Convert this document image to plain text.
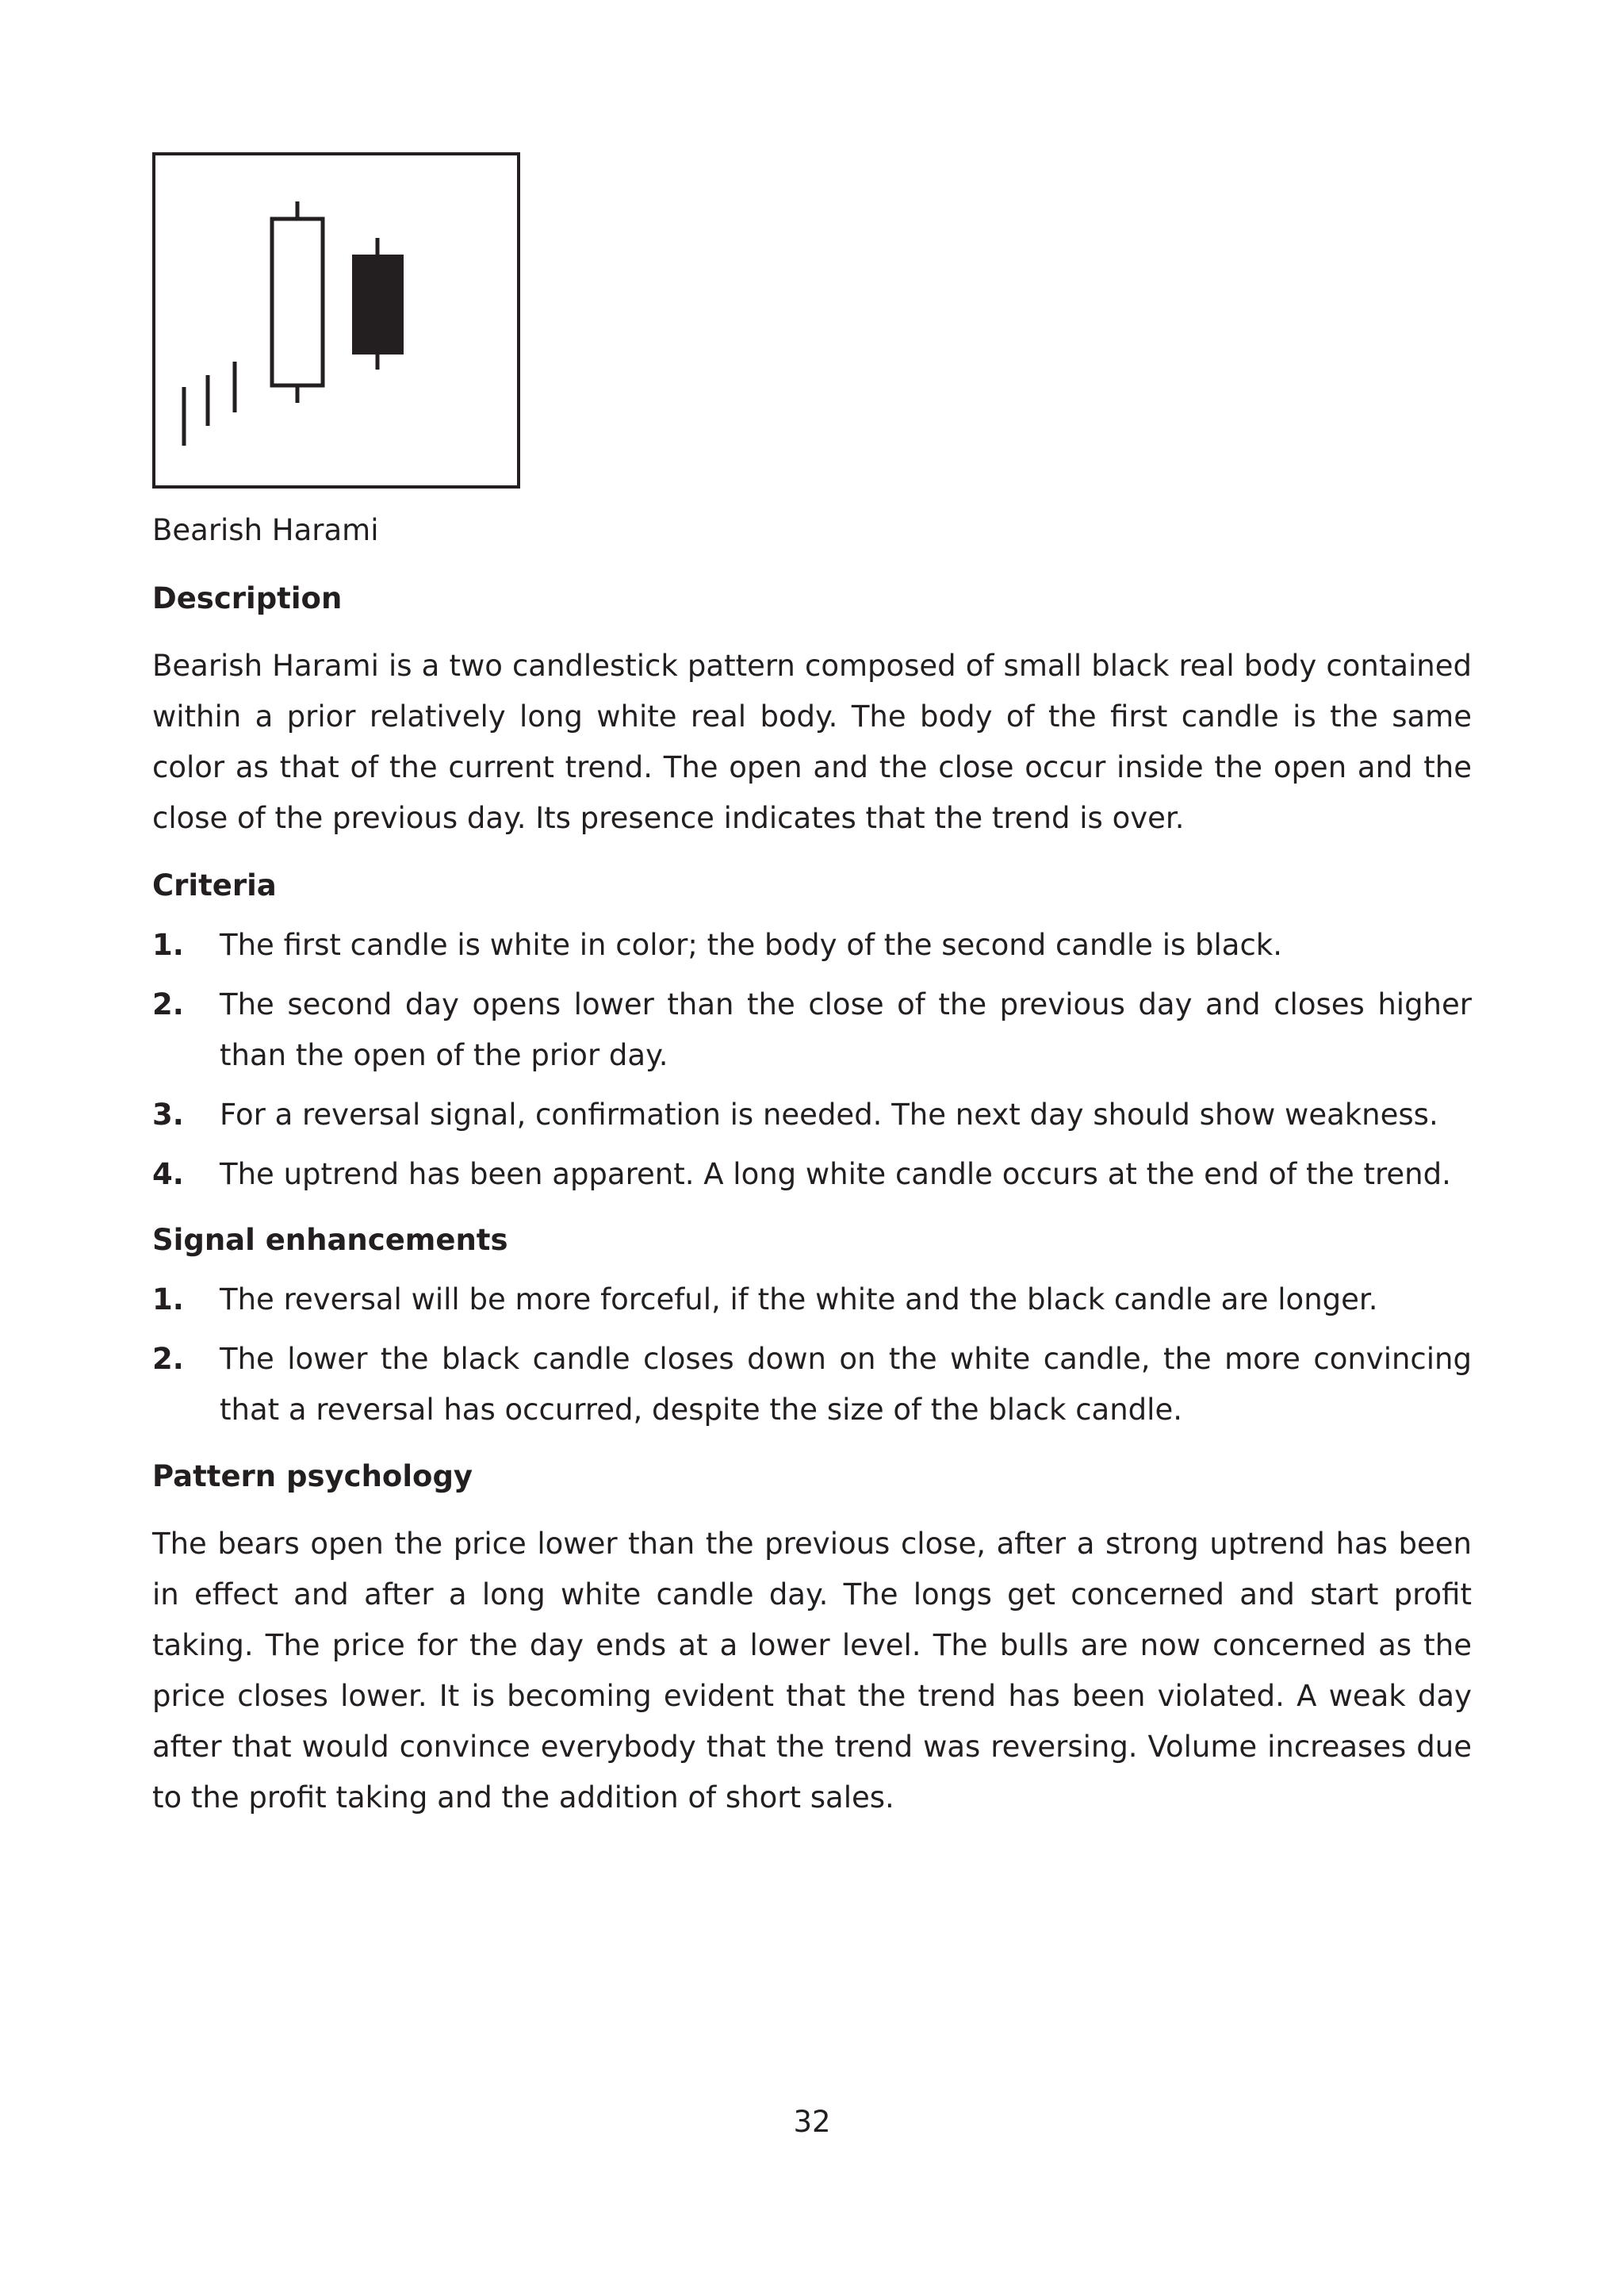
Bearish Harami

Description

Bearish Harami is a two candlestick pattern composed of small black real body contained within a prior relatively long white real body. The body of the first candle is the same color as that of the current trend. The open and the close occur inside the open and the close of the previous day. Its presence indicates that the trend is over.

Criteria

1. The first candle is white in color; the body of the second candle is black.
2. The second day opens lower than the close of the previous day and closes higher than the open of the prior day.
3. For a reversal signal, confirmation is needed. The next day should show weakness.
4. The uptrend has been apparent. A long white candle occurs at the end of the trend.

Signal enhancements

1. The reversal will be more forceful, if the white and the black candle are longer.
2. The lower the black candle closes down on the white candle, the more convincing that a reversal has occurred, despite the size of the black candle.

Pattern psychology

The bears open the price lower than the previous close, after a strong uptrend has been in effect and after a long white candle day. The longs get concerned and start profit taking. The price for the day ends at a lower level. The bulls are now concerned as the price closes lower. It is becoming evident that the trend has been violated. A weak day after that would convince everybody that the trend was reversing. Volume increases due to the profit taking and the addition of short sales.

32
